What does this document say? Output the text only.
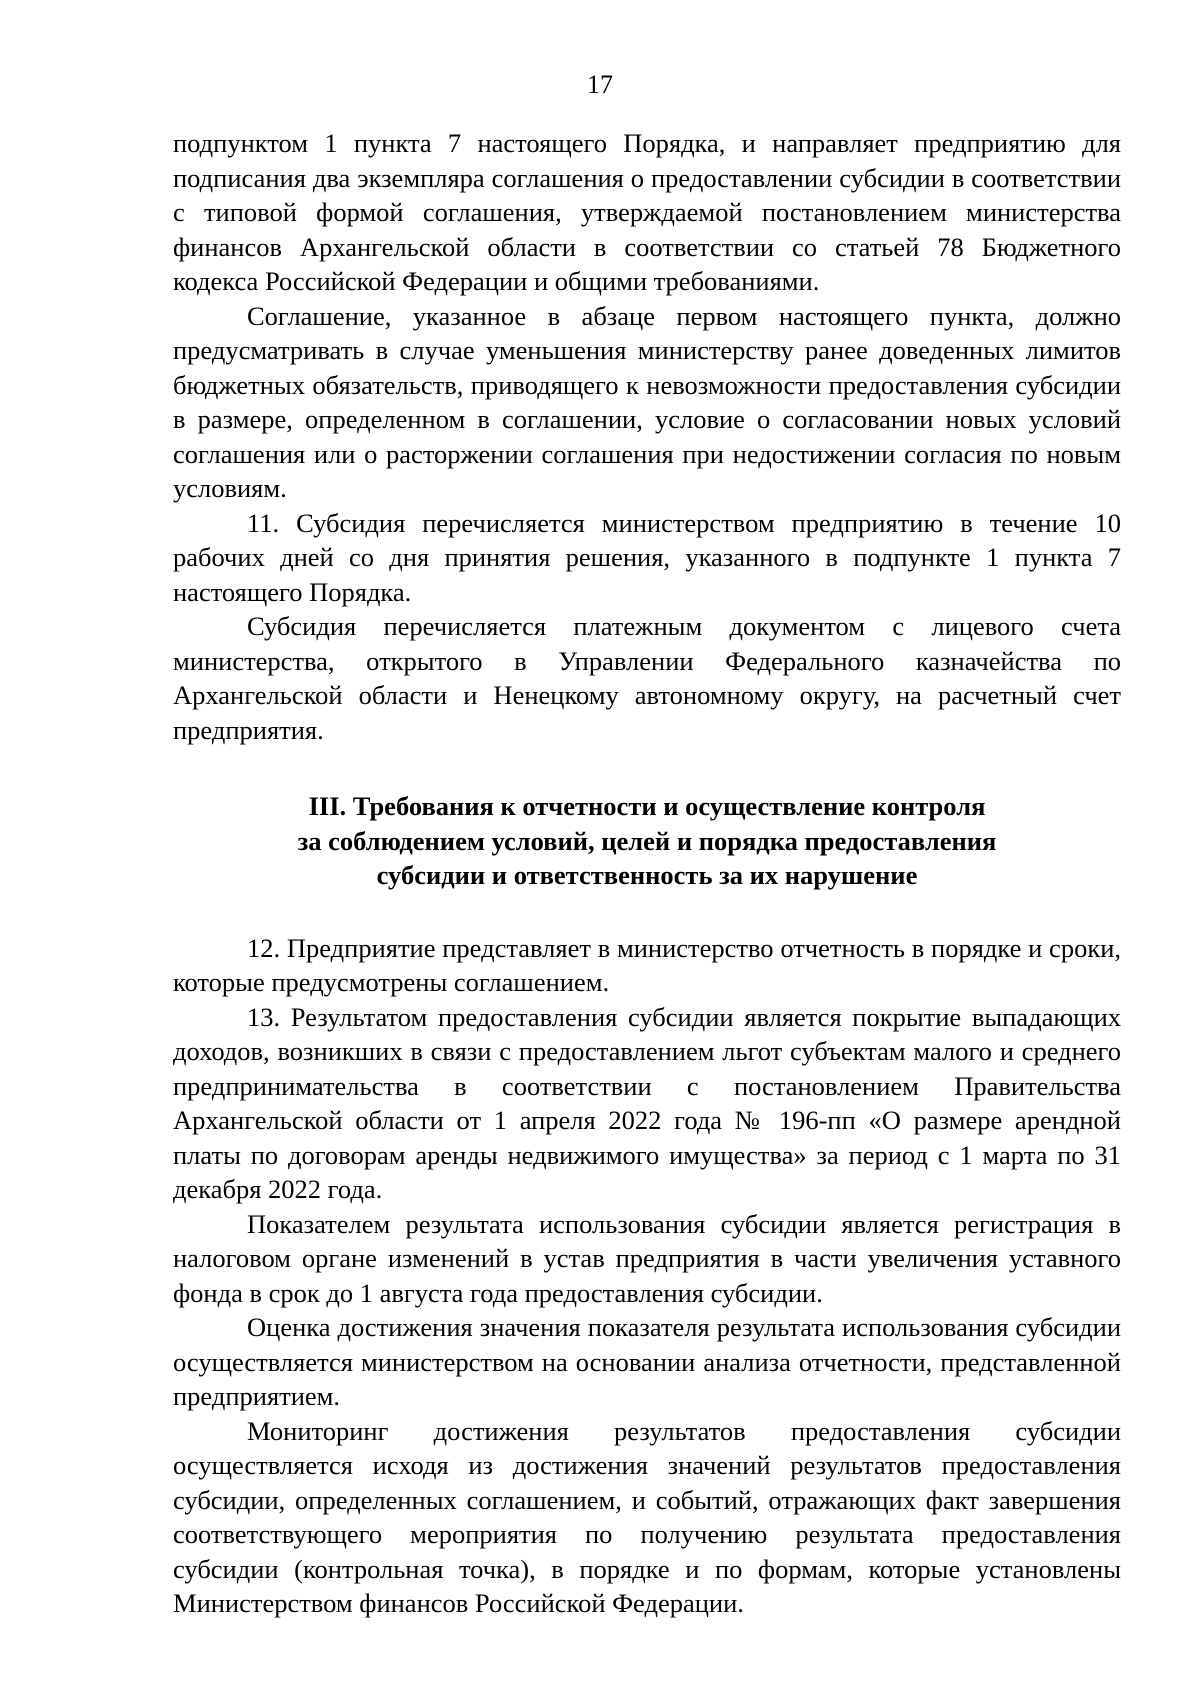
17

подпунктом 1 пункта 7 настоящего Порядка, и направляет предприятию для подписания два экземпляра соглашения о предоставлении субсидии в соответствии с типовой формой соглашения, утверждаемой постановлением министерства финансов Архангельской области в соответствии со статьей 78 Бюджетного кодекса Российской Федерации и общими требованиями.

Соглашение, указанное в абзаце первом настоящего пункта, должно предусматривать в случае уменьшения министерству ранее доведенных лимитов бюджетных обязательств, приводящего к невозможности предоставления субсидии в размере, определенном в соглашении, условие о согласовании новых условий соглашения или о расторжении соглашения при недостижении согласия по новым условиям.

11. Субсидия перечисляется министерством предприятию в течение 10 рабочих дней со дня принятия решения, указанного в подпункте 1 пункта 7 настоящего Порядка.

Субсидия перечисляется платежным документом с лицевого счета министерства, открытого в Управлении Федерального казначейства по Архангельской области и Ненецкому автономному округу, на расчетный счет предприятия.

III. Требования к отчетности и осуществление контроля
за соблюдением условий, целей и порядка предоставления
субсидии и ответственность за их нарушение

12. Предприятие представляет в министерство отчетность в порядке и сроки, которые предусмотрены соглашением.

13. Результатом предоставления субсидии является покрытие выпадающих доходов, возникших в связи с предоставлением льгот субъектам малого и среднего предпринимательства в соответствии с постановлением Правительства Архангельской области от 1 апреля 2022 года № 196-пп «О размере арендной платы по договорам аренды недвижимого имущества» за период с 1 марта по 31 декабря 2022 года.

Показателем результата использования субсидии является регистрация в налоговом органе изменений в устав предприятия в части увеличения уставного фонда в срок до 1 августа года предоставления субсидии.

Оценка достижения значения показателя результата использования субсидии осуществляется министерством на основании анализа отчетности, представленной предприятием.

Мониторинг достижения результатов предоставления субсидии осуществляется исходя из достижения значений результатов предоставления субсидии, определенных соглашением, и событий, отражающих факт завершения соответствующего мероприятия по получению результата предоставления субсидии (контрольная точка), в порядке и по формам, которые установлены Министерством финансов Российской Федерации.
